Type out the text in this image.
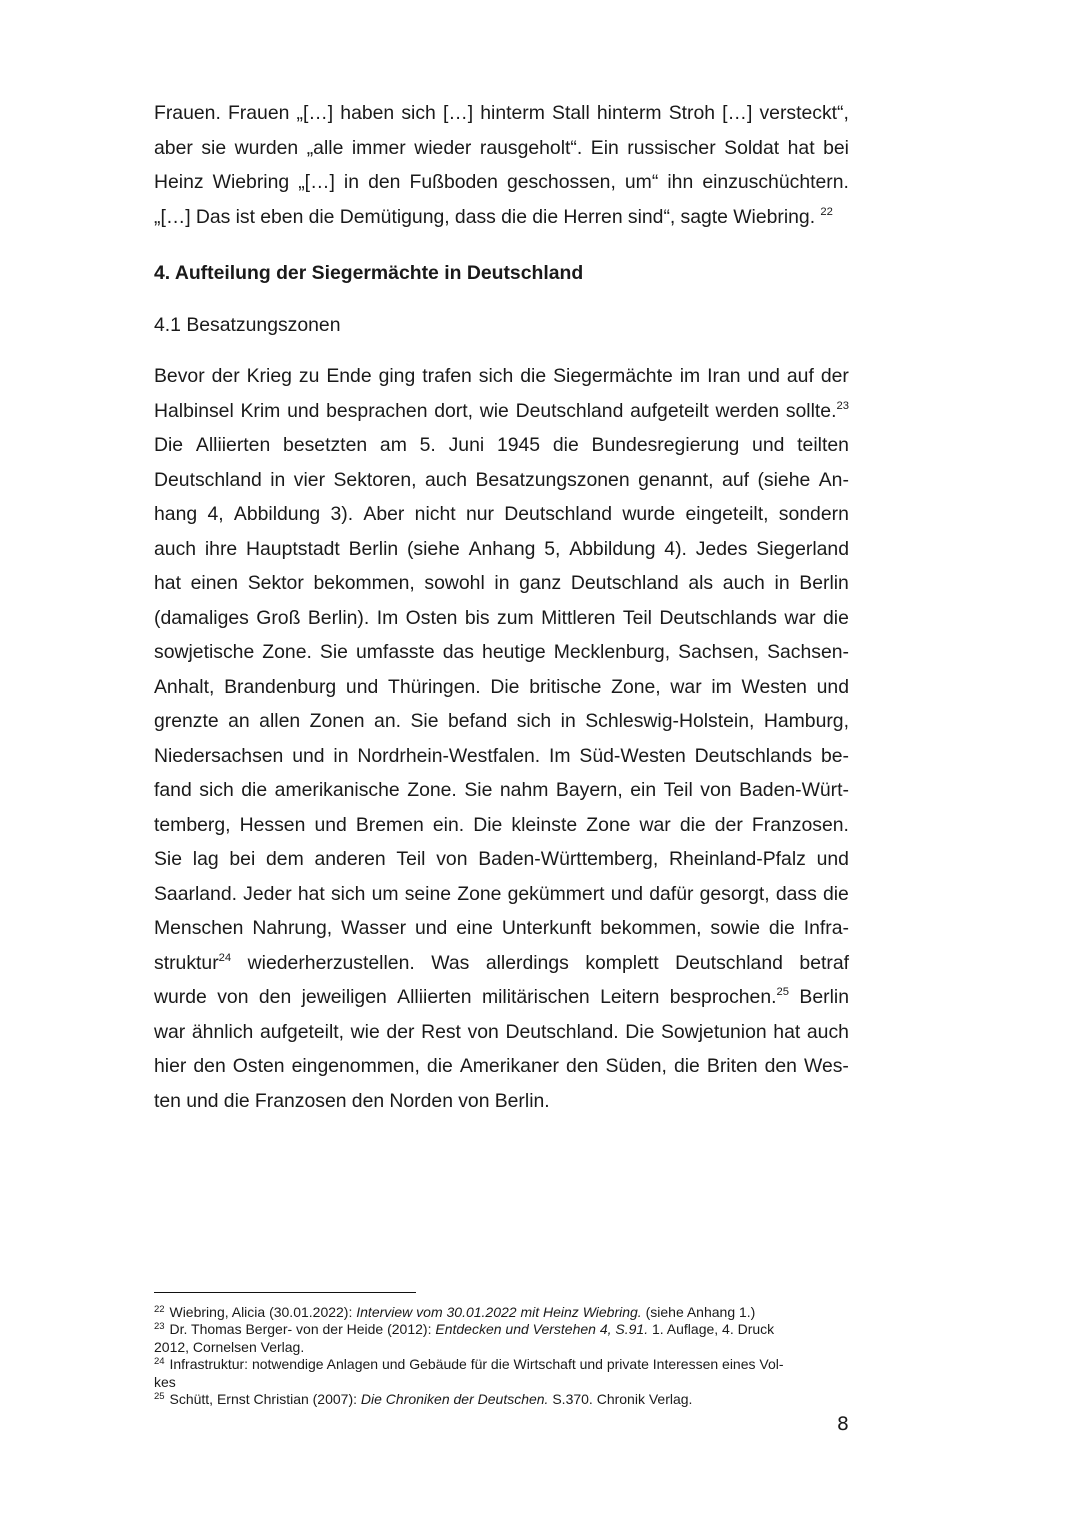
Frauen. Frauen „[…] haben sich […] hinterm Stall hinterm Stroh […] versteckt“,
aber sie wurden „alle immer wieder rausgeholt“. Ein russischer Soldat hat bei
Heinz Wiebring „[…] in den Fußboden geschossen, um“ ihn einzuschüchtern.
„[…] Das ist eben die Demütigung, dass die die Herren sind“, sagte Wiebring. $^{22}$
4. Aufteilung der Siegermächte in Deutschland
4.1 Besatzungszonen
Bevor der Krieg zu Ende ging trafen sich die Siegermächte im Iran und auf der
Halbinsel Krim und besprachen dort, wie Deutschland aufgeteilt werden sollte.$^{23}$
Die Alliierten besetzten am 5. Juni 1945 die Bundesregierung und teilten
Deutschland in vier Sektoren, auch Besatzungszonen genannt, auf (siehe An-
hang 4, Abbildung 3). Aber nicht nur Deutschland wurde eingeteilt, sondern
auch ihre Hauptstadt Berlin (siehe Anhang 5, Abbildung 4). Jedes Siegerland
hat einen Sektor bekommen, sowohl in ganz Deutschland als auch in Berlin
(damaliges Groß Berlin). Im Osten bis zum Mittleren Teil Deutschlands war die
sowjetische Zone. Sie umfasste das heutige Mecklenburg, Sachsen, Sachsen-
Anhalt, Brandenburg und Thüringen. Die britische Zone, war im Westen und
grenzte an allen Zonen an. Sie befand sich in Schleswig-Holstein, Hamburg,
Niedersachsen und in Nordrhein-Westfalen. Im Süd-Westen Deutschlands be-
fand sich die amerikanische Zone. Sie nahm Bayern, ein Teil von Baden-Würt-
temberg, Hessen und Bremen ein. Die kleinste Zone war die der Franzosen.
Sie lag bei dem anderen Teil von Baden-Württemberg, Rheinland-Pfalz und
Saarland. Jeder hat sich um seine Zone gekümmert und dafür gesorgt, dass die
Menschen Nahrung, Wasser und eine Unterkunft bekommen, sowie die Infra-
struktur$^{24}$ wiederherzustellen. Was allerdings komplett Deutschland betraf
wurde von den jeweiligen Alliierten militärischen Leitern besprochen.$^{25}$ Berlin
war ähnlich aufgeteilt, wie der Rest von Deutschland. Die Sowjetunion hat auch
hier den Osten eingenommen, die Amerikaner den Süden, die Briten den Wes-
ten und die Franzosen den Norden von Berlin.
$^{22}$ Wiebring, Alicia (30.01.2022): Interview vom 30.01.2022 mit Heinz Wiebring. (siehe Anhang 1.)
$^{23}$ Dr. Thomas Berger- von der Heide (2012): Entdecken und Verstehen 4, S.91. 1. Auflage, 4. Druck
2012, Cornelsen Verlag.
$^{24}$ Infrastruktur: notwendige Anlagen und Gebäude für die Wirtschaft und private Interessen eines Vol-
kes
$^{25}$ Schütt, Ernst Christian (2007): Die Chroniken der Deutschen. S.370. Chronik Verlag.
8
